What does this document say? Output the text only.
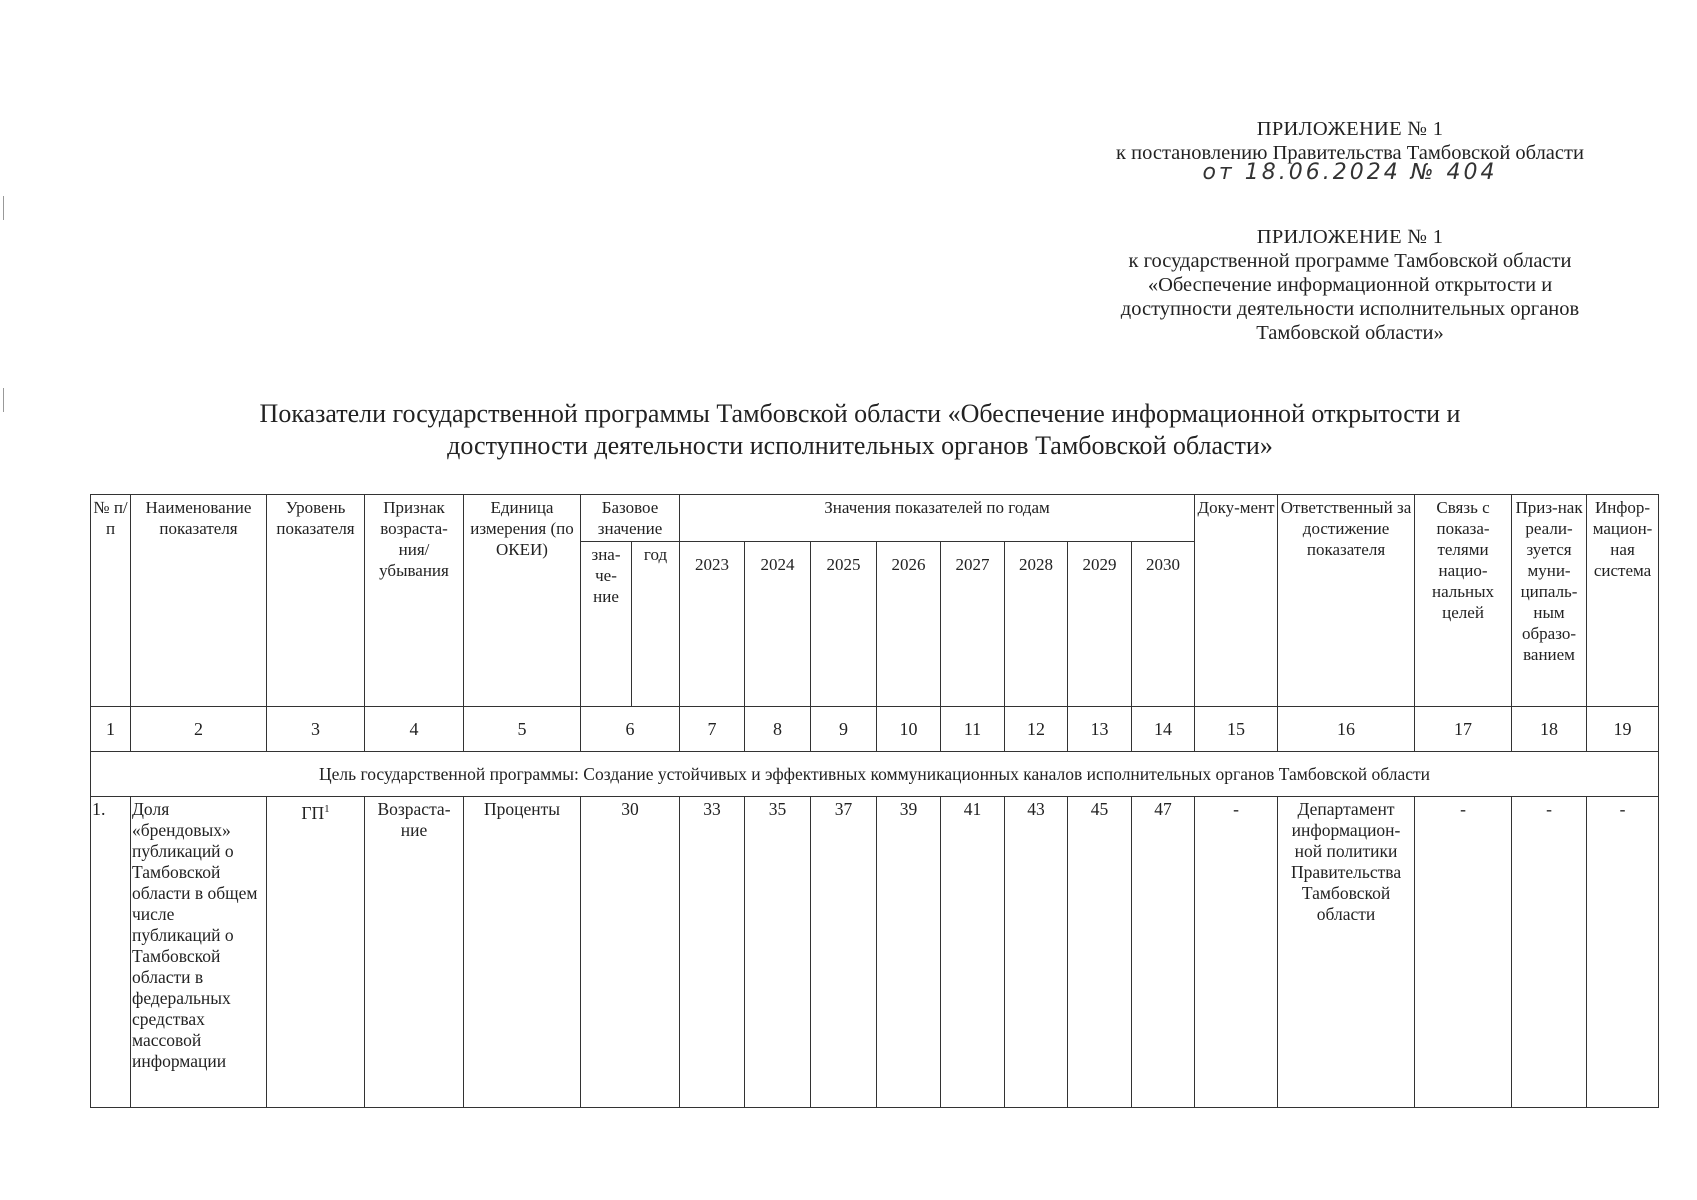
ПРИЛОЖЕНИЕ № 1
к постановлению Правительства Тамбовской области
от 18.06.2024 № 404
ПРИЛОЖЕНИЕ № 1
к государственной программе Тамбовской области
«Обеспечение информационной открытости и
доступности деятельности исполнительных органов
Тамбовской области»
Показатели государственной программы Тамбовской области «Обеспечение информационной открытости и
доступности деятельности исполнительных органов Тамбовской области»
№ п/п	Наименование показателя	Уровень показателя	Признак возраста-ния/ убывания	Единица измерения (по ОКЕИ)	Базовое значение		Значения показателей по годам								Доку-мент	Ответственный за достижение показателя	Связь с показа-телями нацио-нальных целей	Приз-нак реали-зуется муни-ципаль-ным образо-ванием	Инфор-мацион-ная система
					зна-че-ние	год	2023	2024	2025	2026	2027	2028	2029	2030					
1	2	3	4	5	6		7	8	9	10	11	12	13	14	15	16	17	18	19
Цель государственной программы: Создание устойчивых и эффективных коммуникационных каналов исполнительных органов Тамбовской области																			
1.	Доля «брендовых» публикаций о Тамбовской области в общем числе публикаций о Тамбовской области в федеральных средствах массовой информации	$ГП^1$	Возраста-ние	Проценты	30		33	35	37	39	41	43	45	47	-	Департамент информацион-ной политики Правительства Тамбовской области	-	-	-
